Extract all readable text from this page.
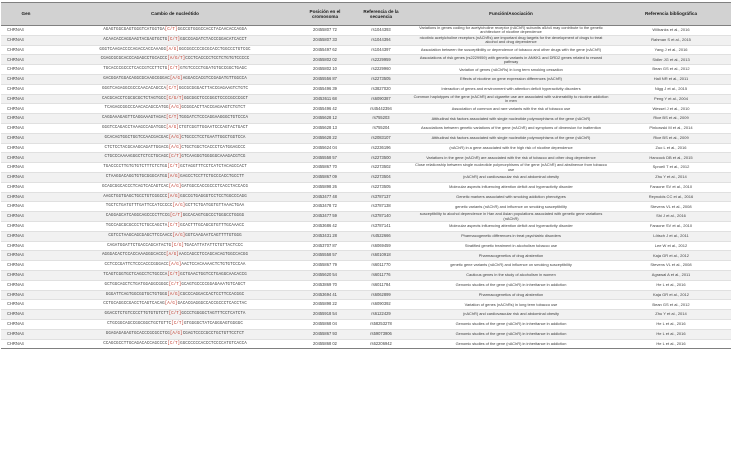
Gen	Cambio de nucleótido	Posición en el cromosoma	Referencia de la secuencia	Función/Asociación	Referencia bibliográfica
CHRNA4	AGAGTGGCGAGTGGGTCATGGTGA[C/T]GGCCGTGGGCCACCTACAACACCAGGA	20455807 72	rs1044393	Variations in genes coding for acetylcholine receptor (nAChR) subunits α5/α4 may contribute to the genetic architecture of nicotine dependence	Wilbanks et al., 2016
CHRNA4	ACAACACCAGGAAGTACGAGTGCTG[C/T]GGCCGAGATCTACCCGGACATCACCT	20455807 33	rs1044394	nicotinic acetylcholine receptors (nAChRs) are important drug targets for the development of drugs to treat alcohol and drug dependence	Rahman S et al., 2015
CHRNA4	GGGTCAAGACCCCAGACCACCAAAGG[A/G]GGCGGCCCCGCGCACCTGGCCCTGTCGC	20455497 62	rs1044397	Association between the susceptibility or dependence of tobacco and other drugs with the gene (nAChR)	Yang J et al., 2016
CHRNA4	CGAGCGCGCACCCAGAGCCTGCACCC[A/G/T]CCCTCACCCCTCCTCTGTGTCCCCC	20455802 02	rs2229959	Associations of risk genes (rs2229959) with genetic variants in ANKK1 and DRD2 genes related to reward pathway	Sidler JG et al., 2013
CHRNA4	TGCACCCGCCCTCACCGTCCTTCTG[C/T]GTGTCCCCTGGATGTGCCGGCTGAGC	20455802 10	rs2229960	Variation of genes (nAChRs) in long term smoking cessation	Bean GS et al., 2012
CHRNA4	GACGGATGGACAGGCGCAAGCGGGAC[A/G]AGGACCACGTCCGAGATGTTGGCCA	20455556 87	rs2273505	Effects of nicotine on gene expression differences (nAChR)	Hall NR et al., 2011
CHRNA4	GGGTCAGAGGCGCCCAACACAGCCA[C/T]GGCGCGGGACTTACCGAGAAGTCTGTC	20455496 39	rs3827020	Interaction of genes and environment with attention deficit hyperactivity disorders	Nigg J et al., 2015
CHRNA4	CACGCACCTCGCGCGCTCTAGTGCC[C/G/T]GGCGGCTCCCGGCTCCCCGCCCGCT	20453611 68	rs6090387	Common haplotypes of the gene (nAChR) and cigarette use are associated with vulnerability to nicotine addiction in men	Peng Y et al., 2004
CHRNA4	TCAGAGCGGCCCAACACAGCCATGG[A/G]GCGGCACTTACCGAGAAGTCTGTCT	20455496 42	rs45442394	Association of common and rare variants with the risk of tobacco use	Wessel J et al., 2010
CHRNA4	CAGGAAAGAGTTCAGGAAAGTAGAC[C/T]TGGGATCTCCCAGGAAGGGCTGTCCCA	20455628 12	rs755203	Attitudinal risk factors associated with single nucleotide polymorphisms of the gene (nAChR)	Rice BS et al., 2009
CHRNA4	GGGTCCAGACCTAAAGCCAGATGGC[A/G]CTGTCGGTTGGAATCCCAGTACTGACT	20455628 13	rs755204	Associations between genetic variations of the gene (nAChR) and symptoms of dimension for inattention	Pinkowski M et al., 2014
CHRNA4	GCACAGTGGCTGGTCCAACGACGAC[A/G]CTGCCCTCCTGAATTGGCTGGTCCA	20455628 22	rs2083107	Attitudinal risk factors associated with single nucleotide polymorphisms of the gene (nAChR)	Rice BS et al., 2009
CHRNA4	CTCTCCTACGCAAGCAGATTGGACG[A/G]CTGCTGGCTCACCCTCATGGAGCCC	20455624 04	rs2236196	(nAChR) in a gene associated with the high risk of nicotine dependence	Zuo L et al., 2016
CHRNA4	CTGCCCAAAAGGGCTCTCCTGCAGC[C/T]GTCAAGGGTGGGGGCAAAGACGTCG	20455558 57	rs2273500	Variations in the gene (nAChR) are associated with the risk of tobacco and other drug dependence	Hancock DB et al., 2015
CHRNA4	TGACCCCTTGTGTGTCTTTCTCTGG[C/T]GCTAGGTTTCCTCATCTACAGCCACT	20455867 70	rs2273502	Close relationship between single nucleotide polymorphisms of the gene (nAChR) and abstinence from tobacco use	Sproell T et al., 2012
CHRNA4	CTAAGGACAGGTGTGCGGGCATGG[A/G]GAGCCTCCTTCTGCCCACCTGCCTT	20455867 09	rs2273504	(nAChR) and cardiovascular risk and abdominal obesity	Zhu Y et al., 2014
CHRNA4	GCAGCGGCACCCTCAGTCACAGTCAC[A/G]GATGGCCACCGCCCTCACCTACCACG	20455898 26	rs2273505	Molecular aspects influencing attention deficit and hyperactivity disorder	Faraone SV et al., 2010
CHRNA4	AAGCTGGTGAGCTGCCTGTCGGCCC[A/G]GGCCGTGAGGGTCCTCCTGGCCCAGG	20453477 48	rs3787137	Genetic markers associated with smoking addiction phenotypes	Reynolds CC et al., 2016
CHRNA4	TGCTCTGATGTTTGATTCCATCCCCC[A/G]GCTTCTGATGGTGTTAAACTGAA	20453478 72	rs3787138	genetic variants (nAChR) and influence on smoking susceptibility	Stevens VL et al., 2008
CHRNA4	CAGGAGCATCAGGCAGCCCCTTCCG[C/T]GGCACAGTGGCCCTGGGCCTGGGG	20453477 59	rs3787140	susceptibility to alcohol dependence in Han and Asian populations associated with genetic gene variations (nAChR)	Shi J et al., 2016
CHRNA4	TGCCAGCGCGCCCTCTGCCAGCTA[C/T]GCACTTTGCAGCGTGTTTGCAAACC	20453686 42	rs3787141	Molecular aspects influencing attention deficit and hyperactivity disorder	Faraone SV et al., 2010
CHRNA4	CGTCCTAAGCAGCGAGCTTCCAACC[A/G]GGTCAAGAATCAGTTTTGTGGG	20453431 28	rs4522666	Pharmacogenetic differences in treat psychiatric disorders	Lötsch J et al., 2011
CHRNA4	CAGATGGATTCTGACCAGCATACTG[C/G]TGACATTATATTCTGTTACTCCC	20453707 87	rs6069459	Stratified genetic treatment in alcoholism tobacco use	Lee W et al., 2012
CHRNA4	AGGGACACTCCACCAAAGGGCACCC[A/G]AACCAGCCTCCAGCACAGTGGCCACGG	20455558 57	rs6010918	Pharmacogenetics of drug abstention	Kaja GR et al., 2012
CHRNA4	CCTCCCGATTCTCCCACCCGGGACC[A/G]AACTCCACAAAACTCTGTGTCCCAA	20455867 79	rs6011770	genetic gene variants (nAChR) and influence on smoking susceptibility	Stevens VL et al., 2008
CHRNA4	TCAGTCGGTGCTCAGCCTCTGCCCA[C/T]GCTGAACTGGTCCTGAGGCAACACCG	20455620 54	rs6011776	Cautious genes in the study of alcoholism in women	Agrawal A et al., 2011
CHRNA4	GCTGGCAGCTCTGATGGAGGCGGGC[C/T]GCAGTGCCCCGGAGAAATGTCAGCT	20453869 70	rs6011784	Genomic studies of the gene (nAChR) in inheritance in addiction	He L et al., 2016
CHRNA4	GGGATTCAGTGGCGGTGCTGTGGG[A/G]CGCCCAGGACCACTCCTTCCACGGC	20453694 41	rs6062899	Pharmacogenetics of drug abstention	Kaja GR et al., 2012
CHRNA4	CCTGCAGGCCGACCTCAGTCACAG[A/G]GACACGAGGGCCACCGCCCTCACCTAC	20455898 22	rs6090392	Variation of genes (nAChRs) in long term tobacco use	Bean GS et al., 2012
CHRNA4	GGACCTCTGTCCCCTTGTGTGTCTT[C/T]GCCCTGGGGCTAGTTTCCTCATCTA	20455918 54	rs6122429	(nAChR) and cardiovascular risk and abdominal obesity	Zhu Y et al., 2014
CHRNA4	CTGCGGCAGCCGGCGGCTGCTGTTC[C/T]GTGGGGCTATCAGGGAGTGGGGC	20455868 04	rs58253278	Genomic studies of the gene (nAChR) in inheritance in addiction	He L et al., 2016
CHRNA4	GGAGAGAGAGTGCACCCGCGCCTCG[A/G]CGAGTCCCCGCCTGCTGTTCCTCT	20455867 93	rs59073906	Genomic studies of the gene (nAChR) in inheritance in addiction	He L et al., 2016
CHRNA4	CCAGCGCCTTGCAGACACCAGCCCC[C/T]GGCCCCCCACCCTCCCCATGTCACCA	20455868 02	rs62206942	Genomic studies of the gene (nAChR) in inheritance in addiction	He L et al., 2016
